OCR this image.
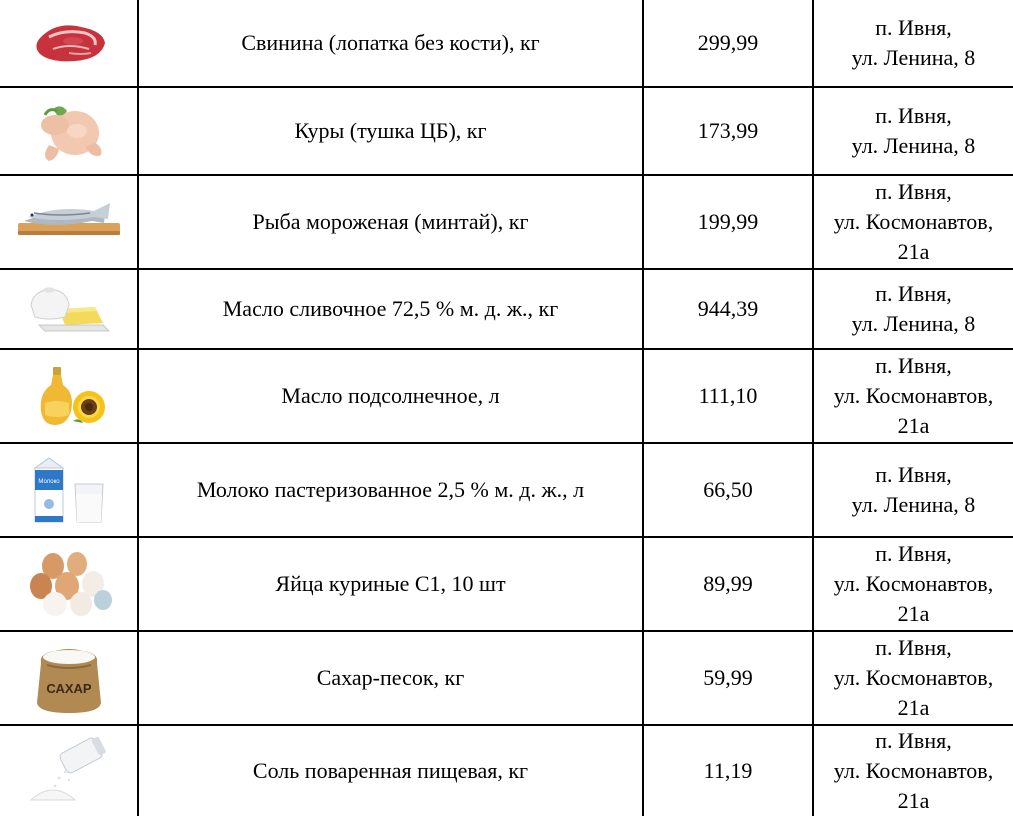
	Свинина (лопатка без кости), кг	299,99	п. Ивня,
ул. Ленина, 8

	Куры (тушка ЦБ), кг	173,99	п. Ивня,
ул. Ленина, 8

	Рыба мороженая (минтай), кг	199,99	п. Ивня,
ул. Космонавтов,
21а

	Масло сливочное 72,5 % м. д. ж., кг	944,39	п. Ивня,
ул. Ленина, 8

	Масло подсолнечное, л	111,10	п. Ивня,
ул. Космонавтов,
21а

Молоко	Молоко пастеризованное 2,5 % м. д. ж., л	66,50	п. Ивня,
ул. Ленина, 8

	Яйца куриные С1, 10 шт	89,99	п. Ивня,
ул. Космонавтов,
21а

САХАР	Сахар-песок, кг	59,99	п. Ивня,
ул. Космонавтов,
21а

	Соль поваренная пищевая, кг	11,19	п. Ивня,
ул. Космонавтов,
21а
